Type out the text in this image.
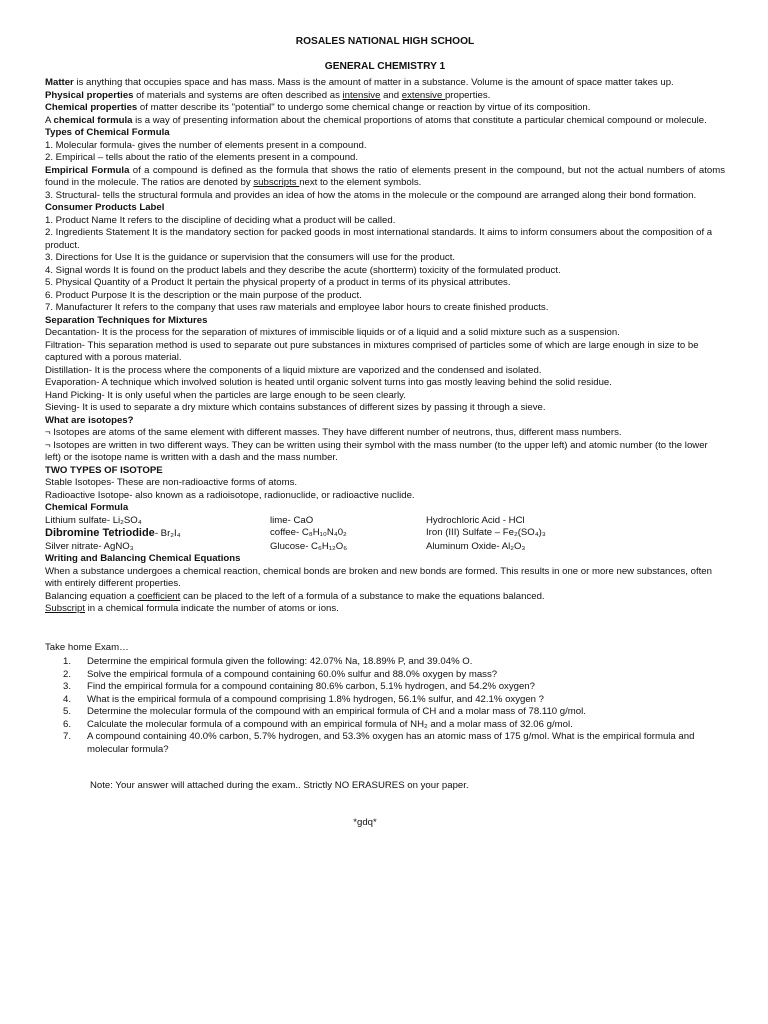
ROSALES NATIONAL HIGH SCHOOL
GENERAL CHEMISTRY 1

Matter is anything that occupies space and has mass. Mass is the amount of matter in a substance. Volume is the amount of space matter takes up.

Physical properties of materials and systems are often described as intensive and extensive properties.

Chemical properties of matter describe its "potential" to undergo some chemical change or reaction by virtue of its composition.

A chemical formula is a way of presenting information about the chemical proportions of atoms that constitute a particular chemical compound or molecule.

Types of Chemical Formula

1. Molecular formula- gives the number of elements present in a compound.

2. Empirical – tells about the ratio of the elements present in a compound.

Empirical Formula of a compound is defined as the formula that shows the ratio of elements present in the compound, but not the actual numbers of atoms found in the molecule. The ratios are denoted by subscripts next to the element symbols.

3. Structural- tells the structural formula and provides an idea of how the atoms in the molecule or the compound are arranged along their bond formation.

Consumer Products Label

1. Product Name It refers to the discipline of deciding what a product will be called.

2. Ingredients Statement It is the mandatory section for packed goods in most international standards. It aims to inform consumers about the composition of a product.

3. Directions for Use It is the guidance or supervision that the consumers will use for the product.

4. Signal words It is found on the product labels and they describe the acute (shortterm) toxicity of the formulated product.

5. Physical Quantity of a Product It pertain the physical property of a product in terms of its physical attributes.

6. Product Purpose It is the description or the main purpose of the product.

7. Manufacturer It refers to the company that uses raw materials and employee labor hours to create finished products.

Separation Techniques for Mixtures

Decantation- It is the process for the separation of mixtures of immiscible liquids or of a liquid and a solid mixture such as a suspension.

Filtration- This separation method is used to separate out pure substances in mixtures comprised of particles some of which are large enough in size to be captured with a porous material.

Distillation- It is the process where the components of a liquid mixture are vaporized and the condensed and isolated.

Evaporation- A technique which involved solution is heated until organic solvent turns into gas mostly leaving behind the solid residue.

Hand Picking- It is only useful when the particles are large enough to be seen clearly.

Sieving- It is used to separate a dry mixture which contains substances of different sizes by passing it through a sieve.

What are isotopes?

¬ Isotopes are atoms of the same element with different masses. They have different number of neutrons, thus, different mass numbers.

¬ Isotopes are written in two different ways. They can be written using their symbol with the mass number (to the upper left) and atomic number (to the lower left) or the isotope name is written with a dash and the mass number.

TWO TYPES OF ISOTOPE

Stable Isotopes- These are non-radioactive forms of atoms.

Radioactive Isotope- also known as a radioisotope, radionuclide, or radioactive nuclide.

Chemical Formula

Lithium sulfate- Li₂SO₄	lime- CaO	Hydrochloric Acid - HCl
Dibromine Tetriodide- Br₂I₄	coffee- C₈H₁₀N₄0₂	Iron (III) Sulfate – Fe₂(SO₄)₃
Silver nitrate- AgNO₃	Glucose- C₆H₁₂O₆	Aluminum Oxide- Al₂O₃

Writing and Balancing Chemical Equations

When a substance undergoes a chemical reaction, chemical bonds are broken and new bonds are formed. This results in one or more new substances, often with entirely different properties.

Balancing equation a coefficient can be placed to the left of a formula of a substance to make the equations balanced.

Subscript in a chemical formula indicate the number of atoms or ions.

Take home Exam…

1.	Determine the empirical formula given the following: 42.07% Na, 18.89% P, and 39.04% O.
2.	Solve the empirical formula of a compound containing 60.0% sulfur and 88.0% oxygen by mass?
3.	Find the empirical formula for a compound containing 80.6% carbon, 5.1% hydrogen, and 54.2% oxygen?
4.	What is the empirical formula of a compound comprising 1.8% hydrogen, 56.1% sulfur, and 42.1% oxygen ?
5.	Determine the molecular formula of the compound with an empirical formula of CH and a molar mass of 78.110 g/mol.
6.	Calculate the molecular formula of a compound with an empirical formula of NH₂ and a molar mass of 32.06 g/mol.
7.	A compound containing 40.0% carbon, 5.7% hydrogen, and 53.3% oxygen has an atomic mass of 175 g/mol. What is the empirical formula and molecular formula?

Note: Your answer will attached during the exam.. Strictly NO ERASURES on your paper.

*gdq*
